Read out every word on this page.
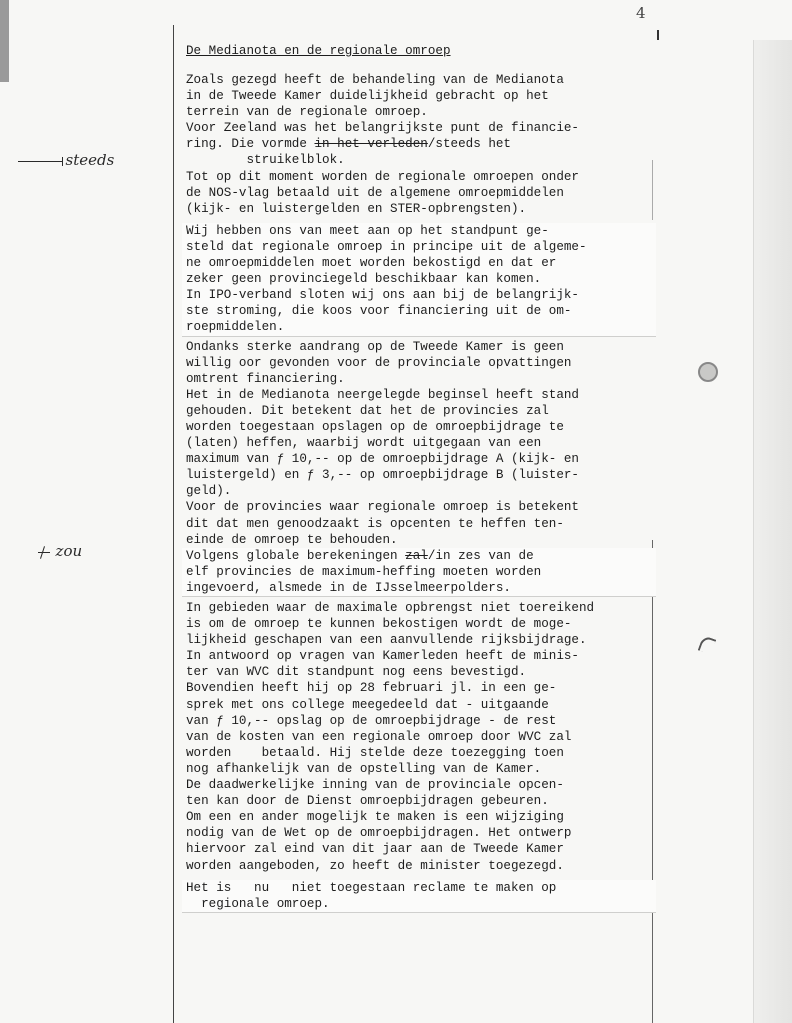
4

steeds

zou

De Medianota en de regionale omroep
Zoals gezegd heeft de behandeling van de Medianota
in de Tweede Kamer duidelijkheid gebracht op het
terrein van de regionale omroep.
Voor Zeeland was het belangrijkste punt de financie-
ring. Die vormde in het verleden/steeds het
struikelblok.
Tot op dit moment worden de regionale omroepen onder
de NOS-vlag betaald uit de algemene omroepmiddelen
(kijk- en luistergelden en STER-opbrengsten).
Wij hebben ons van meet aan op het standpunt ge-
steld dat regionale omroep in principe uit de algeme-
ne omroepmiddelen moet worden bekostigd en dat er
zeker geen provinciegeld beschikbaar kan komen.
In IPO-verband sloten wij ons aan bij de belangrijk-
ste stroming, die koos voor financiering uit de om-
roepmiddelen.
Ondanks sterke aandrang op de Tweede Kamer is geen
willig oor gevonden voor de provinciale opvattingen
omtrent financiering.
Het in de Medianota neergelegde beginsel heeft stand
gehouden. Dit betekent dat het de provincies zal
worden toegestaan opslagen op de omroepbijdrage te
(laten) heffen, waarbij wordt uitgegaan van een
maximum van ƒ 10,-- op de omroepbijdrage A (kijk- en
luistergeld) en ƒ 3,-- op omroepbijdrage B (luister-
geld).
Voor de provincies waar regionale omroep is betekent
dit dat men genoodzaakt is opcenten te heffen ten-
einde de omroep te behouden.
Volgens globale berekeningen zal/in zes van de
elf provincies de maximum-heffing moeten worden
ingevoerd, alsmede in de IJsselmeerpolders.
In gebieden waar de maximale opbrengst niet toereikend
is om de omroep te kunnen bekostigen wordt de moge-
lijkheid geschapen van een aanvullende rijksbijdrage.
In antwoord op vragen van Kamerleden heeft de minis-
ter van WVC dit standpunt nog eens bevestigd.
Bovendien heeft hij op 28 februari jl. in een ge-
sprek met ons college meegedeeld dat - uitgaande
van ƒ 10,-- opslag op de omroepbijdrage - de rest
van de kosten van een regionale omroep door WVC zal
worden    betaald. Hij stelde deze toezegging toen
nog afhankelijk van de opstelling van de Kamer.
De daadwerkelijke inning van de provinciale opcen-
ten kan door de Dienst omroepbijdragen gebeuren.
Om een en ander mogelijk te maken is een wijziging
nodig van de Wet op de omroepbijdragen. Het ontwerp
hiervoor zal eind van dit jaar aan de Tweede Kamer
worden aangeboden, zo heeft de minister toegezegd.
Het is   nu   niet toegestaan reclame te maken op
regionale omroep.
